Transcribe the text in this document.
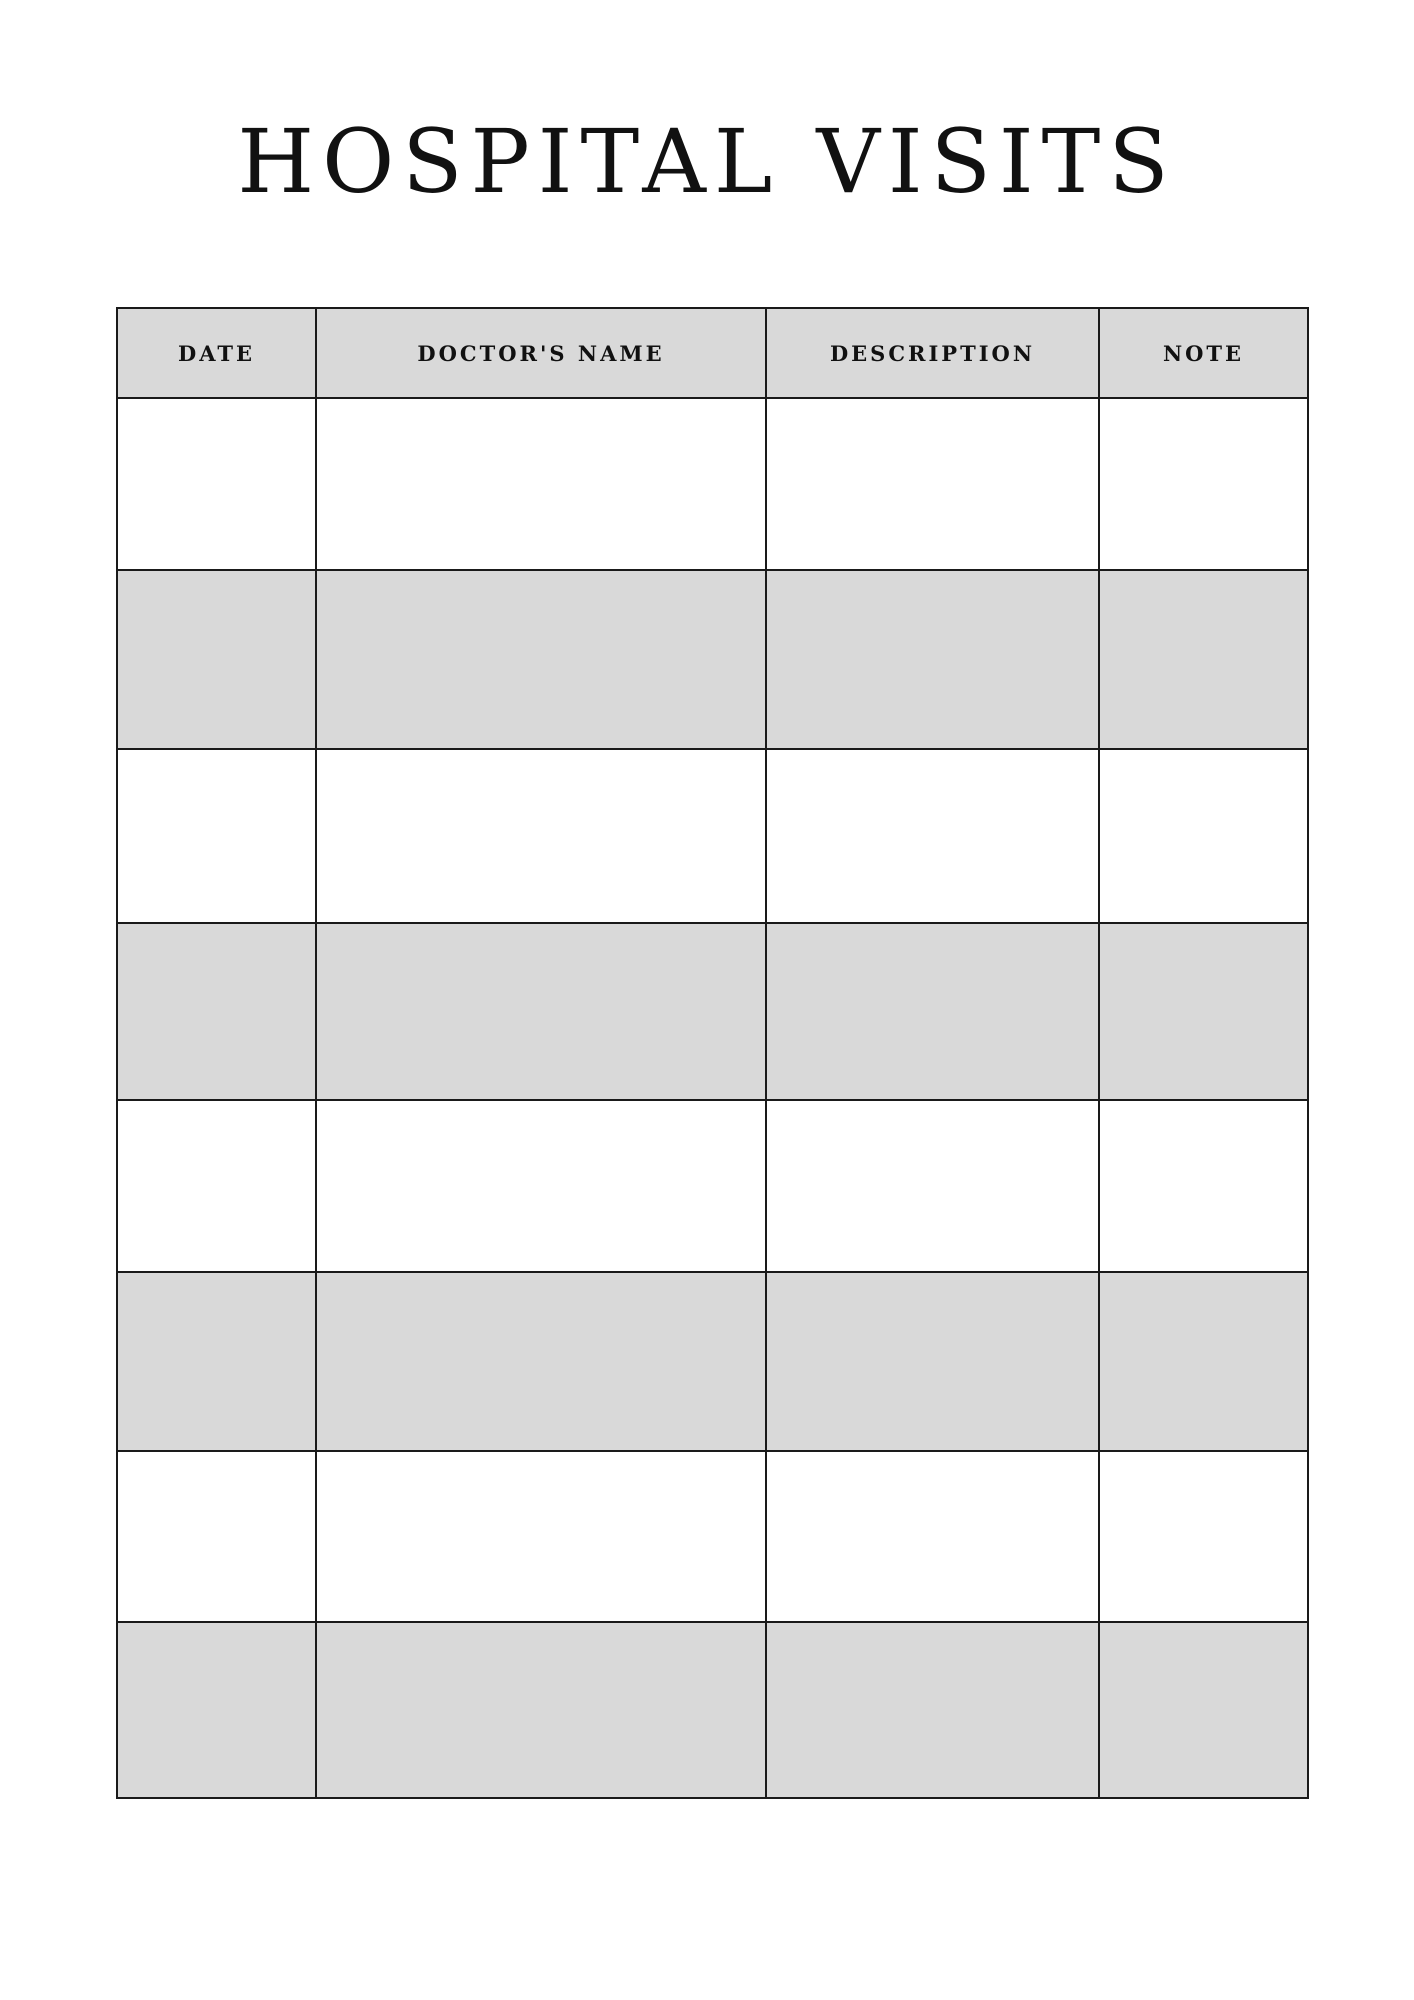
HOSPITAL VISITS
DATE	DOCTOR'S NAME	DESCRIPTION	NOTE
